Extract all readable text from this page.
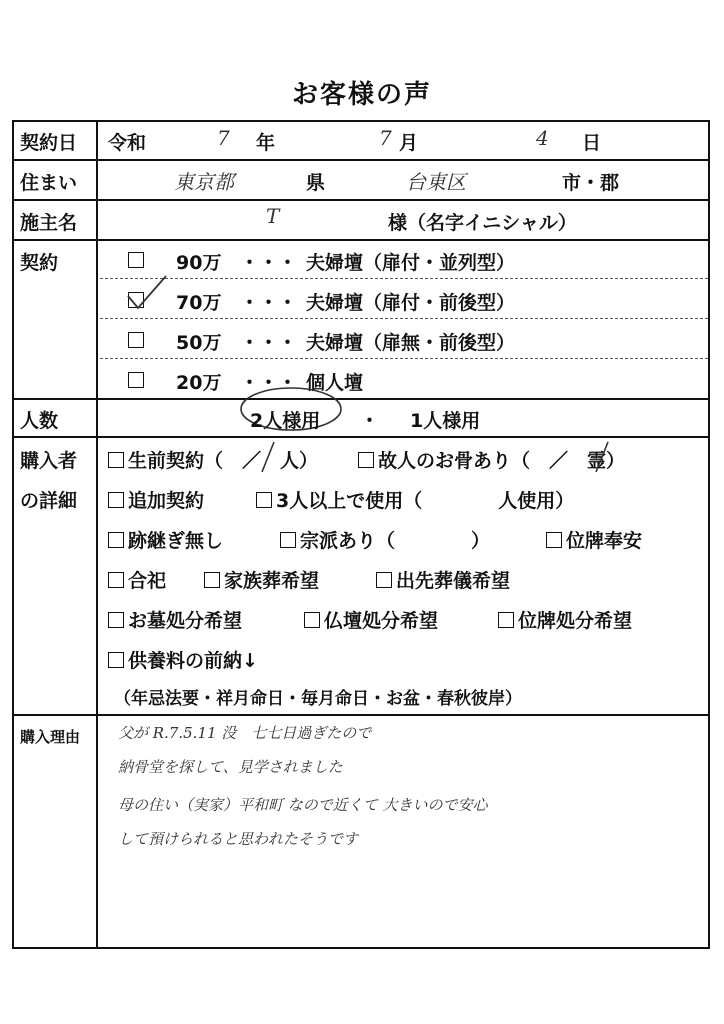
お客様の声
契約日 令和	7 年	7 月	4 日
住まい	東京都	県	台東区	市・郡
施主名	T	様（名字イニシャル）
契約	90万 ・・・ 夫婦壇（扉付・並列型）
70万 ・・・ 夫婦壇（扉付・前後型）
50万 ・・・ 夫婦壇（扉無・前後型）
20万 ・・・ 個人壇
人数	2人様用 ・ 1人様用
購入者
の詳細
生前契約（　／　人）	故人のお骨あり（　／　霊）
追加契約	3人以上で使用（　　　　人使用）
跡継ぎ無し	宗派あり（　　　　）	位牌奉安
合祀	家族葬希望	出先葬儀希望
お墓処分希望	仏壇処分希望	位牌処分希望
供養料の前納↓
（年忌法要・祥月命日・毎月命日・お盆・春秋彼岸）
購入理由	父が R.7.5.11 没　七七日過ぎたので
納骨堂を探して、見学されました
母の住い（実家）平和町 なので近くて 大きいので安心
して預けられると思われたそうです
